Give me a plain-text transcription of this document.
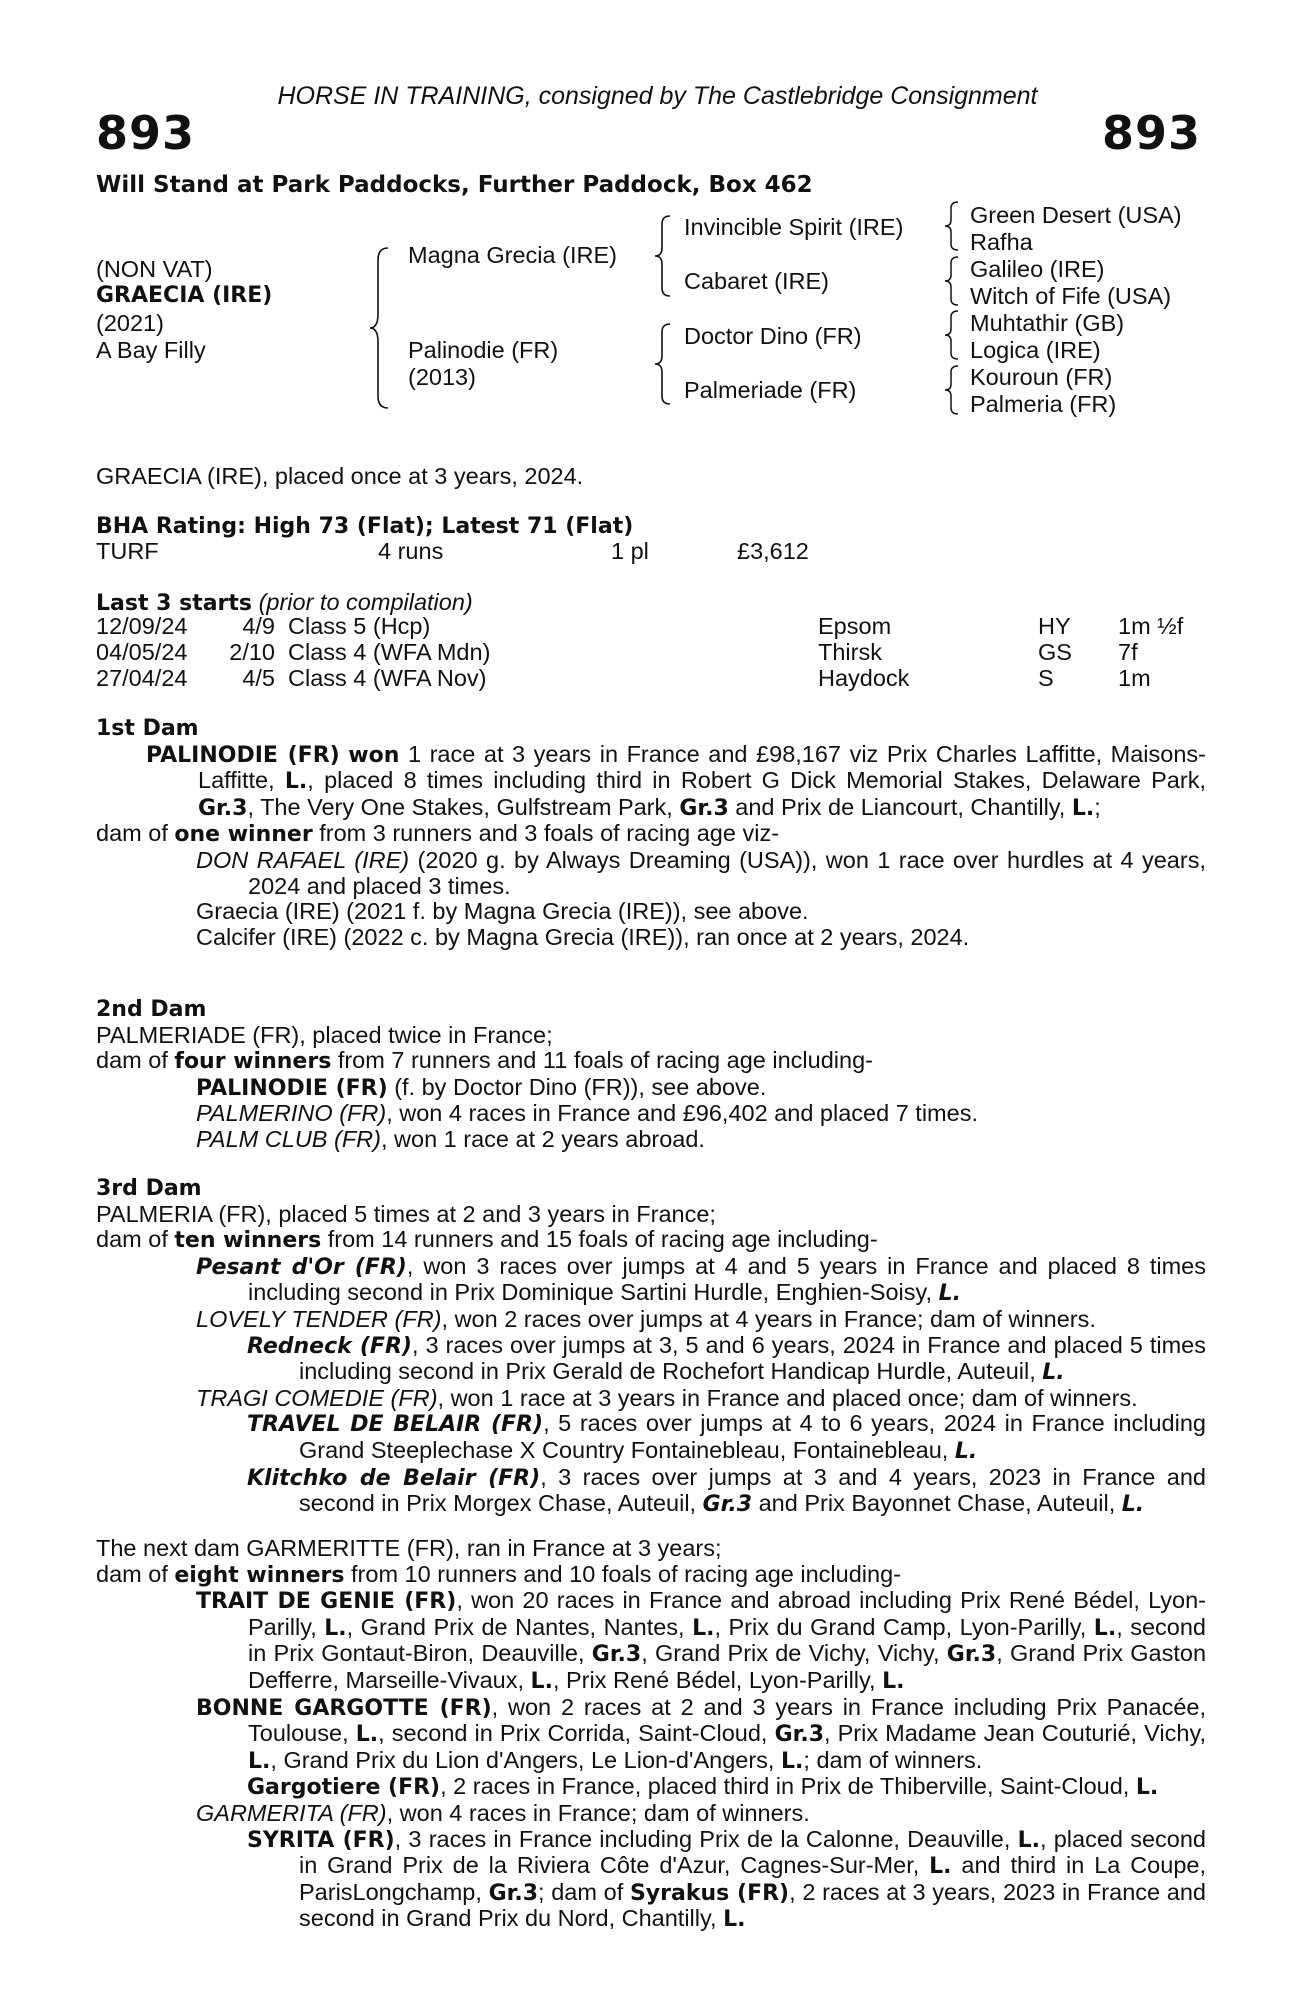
HORSE IN TRAINING, consigned by The Castlebridge Consignment
893	893
Will Stand at Park Paddocks, Further Paddock, Box 462
(NON VAT)
GRAECIA (IRE)
(2021)
A Bay Filly
Magna Grecia (IRE)
Palinodie (FR)
(2013)
Invincible Spirit (IRE)
Cabaret (IRE)
Doctor Dino (FR)
Palmeriade (FR)
Green Desert (USA)
Rafha
Galileo (IRE)
Witch of Fife (USA)
Muhtathir (GB)
Logica (IRE)
Kouroun (FR)
Palmeria (FR)
GRAECIA (IRE), placed once at 3 years, 2024.
BHA Rating: High 73 (Flat); Latest 71 (Flat)
TURF	4 runs	1 pl	£3,612
Last 3 starts (prior to compilation)
12/09/24	4/9 Class 5 (Hcp)	Epsom	HY 1m ½f
04/05/24	2/10 Class 4 (WFA Mdn)	Thirsk	GS 7f
27/04/24	4/5 Class 4 (WFA Nov)	Haydock	S	1m

1st Dam

PALINODIE (FR) won 1 race at 3 years in France and £98,167 viz Prix Charles Laffitte, Maisons-Laffitte, L., placed 8 times including third in Robert G Dick Memorial Stakes, Delaware Park, Gr.3, The Very One Stakes, Gulfstream Park, Gr.3 and Prix de Liancourt, Chantilly, L.;

dam of one winner from 3 runners and 3 foals of racing age viz-

DON RAFAEL (IRE) (2020 g. by Always Dreaming (USA)), won 1 race over hurdles at 4 years, 2024 and placed 3 times.

Graecia (IRE) (2021 f. by Magna Grecia (IRE)), see above.

Calcifer (IRE) (2022 c. by Magna Grecia (IRE)), ran once at 2 years, 2024.

2nd Dam

PALMERIADE (FR), placed twice in France;

dam of four winners from 7 runners and 11 foals of racing age including-

PALINODIE (FR) (f. by Doctor Dino (FR)), see above.

PALMERINO (FR), won 4 races in France and £96,402 and placed 7 times.

PALM CLUB (FR), won 1 race at 2 years abroad.

3rd Dam

PALMERIA (FR), placed 5 times at 2 and 3 years in France;

dam of ten winners from 14 runners and 15 foals of racing age including-

Pesant d'Or (FR), won 3 races over jumps at 4 and 5 years in France and placed 8 times including second in Prix Dominique Sartini Hurdle, Enghien-Soisy, L.

LOVELY TENDER (FR), won 2 races over jumps at 4 years in France; dam of winners.

Redneck (FR), 3 races over jumps at 3, 5 and 6 years, 2024 in France and placed 5 times including second in Prix Gerald de Rochefort Handicap Hurdle, Auteuil, L.

TRAGI COMEDIE (FR), won 1 race at 3 years in France and placed once; dam of winners.

TRAVEL DE BELAIR (FR), 5 races over jumps at 4 to 6 years, 2024 in France including Grand Steeplechase X Country Fontainebleau, Fontainebleau, L.

Klitchko de Belair (FR), 3 races over jumps at 3 and 4 years, 2023 in France and second in Prix Morgex Chase, Auteuil, Gr.3 and Prix Bayonnet Chase, Auteuil, L.

The next dam GARMERITTE (FR), ran in France at 3 years;

dam of eight winners from 10 runners and 10 foals of racing age including-

TRAIT DE GENIE (FR), won 20 races in France and abroad including Prix René Bédel, Lyon-Parilly, L., Grand Prix de Nantes, Nantes, L., Prix du Grand Camp, Lyon-Parilly, L., second in Prix Gontaut-Biron, Deauville, Gr.3, Grand Prix de Vichy, Vichy, Gr.3, Grand Prix Gaston Defferre, Marseille-Vivaux, L., Prix René Bédel, Lyon-Parilly, L.

BONNE GARGOTTE (FR), won 2 races at 2 and 3 years in France including Prix Panacée, Toulouse, L., second in Prix Corrida, Saint-Cloud, Gr.3, Prix Madame Jean Couturié, Vichy, L., Grand Prix du Lion d'Angers, Le Lion-d'Angers, L.; dam of winners.

Gargotiere (FR), 2 races in France, placed third in Prix de Thiberville, Saint-Cloud, L.

GARMERITA (FR), won 4 races in France; dam of winners.

SYRITA (FR), 3 races in France including Prix de la Calonne, Deauville, L., placed second in Grand Prix de la Riviera Côte d'Azur, Cagnes-Sur-Mer, L. and third in La Coupe, ParisLongchamp, Gr.3; dam of Syrakus (FR), 2 races at 3 years, 2023 in France and second in Grand Prix du Nord, Chantilly, L.
